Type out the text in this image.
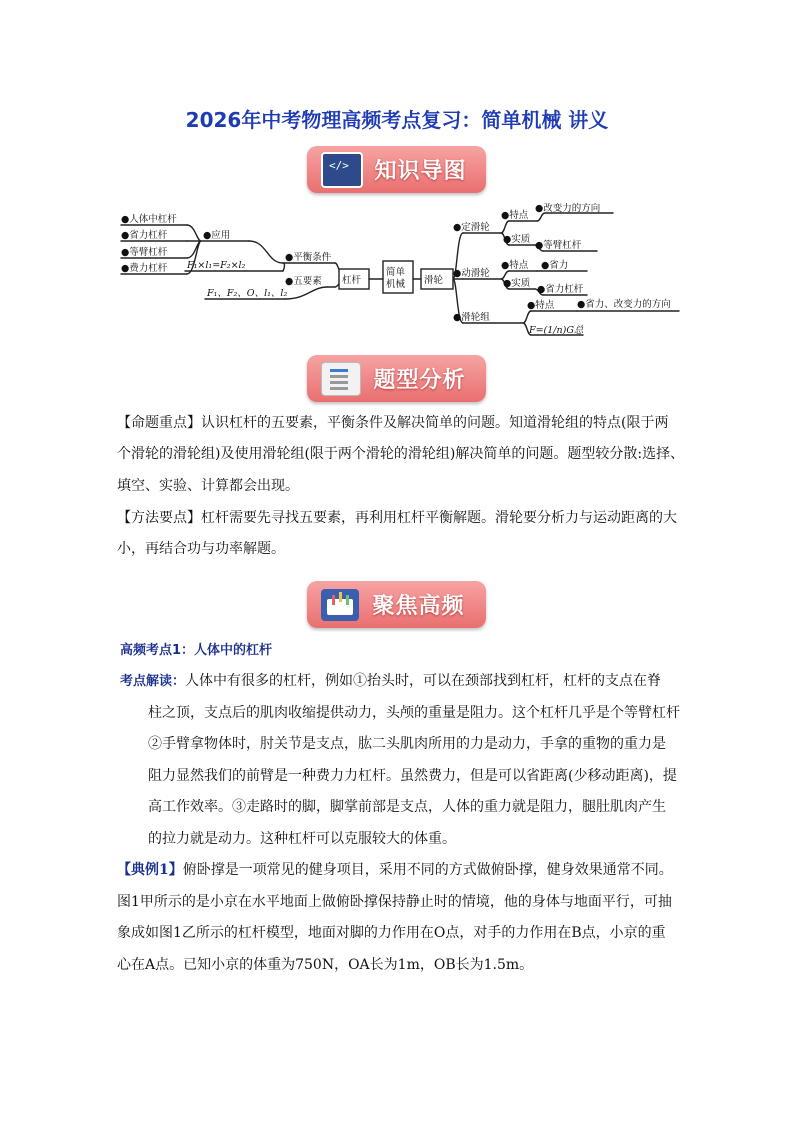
2026年中考物理高频考点复习：简单机械 讲义
</>
知识导图
●人体中杠杆
●省力杠杆
●等臂杠杆
●费力杠杆
●应用
F₁×l₁=F₂×l₂
●平衡条件
F₁、F₂、O、l₁、l₂
●五要素 杠杆
简单
机械 滑轮
●定滑轮
●特点
●改变力的方向
●实质
●等臂杠杆
●动滑轮
●特点 ●省力
●实质
●省力杠杆
●滑轮组
●特点 ●省力、改变力的方向
F=(1/n)G总
题型分析
【命题重点】认识杠杆的五要素，平衡条件及解决简单的问题。知道滑轮组的特点(限于两
个滑轮的滑轮组)及使用滑轮组(限于两个滑轮的滑轮组)解决简单的问题。题型较分散:选择、
填空、实验、计算都会出现。
【方法要点】杠杆需要先寻找五要素，再利用杠杆平衡解题。滑轮要分析力与运动距离的大
小，再结合功与功率解题。
聚焦高频
高频考点1：人体中的杠杆
考点解读：人体中有很多的杠杆，例如①抬头时，可以在颈部找到杠杆，杠杆的支点在脊
柱之顶，支点后的肌肉收缩提供动力，头颅的重量是阻力。这个杠杆几乎是个等臂杠杆
②手臂拿物体时，肘关节是支点，肱二头肌肉所用的力是动力，手拿的重物的重力是
阻力显然我们的前臂是一种费力力杠杆。虽然费力，但是可以省距离(少移动距离)，提
高工作效率。③走路时的脚，脚掌前部是支点，人体的重力就是阻力，腿肚肌肉产生
的拉力就是动力。这种杠杆可以克服较大的体重。
【典例1】俯卧撑是一项常见的健身项目，采用不同的方式做俯卧撑，健身效果通常不同。
图1甲所示的是小京在水平地面上做俯卧撑保持静止时的情境，他的身体与地面平行，可抽
象成如图1乙所示的杠杆模型，地面对脚的力作用在O点，对手的力作用在B点，小京的重
心在A点。已知小京的体重为750N，OA长为1m，OB长为1.5m。
